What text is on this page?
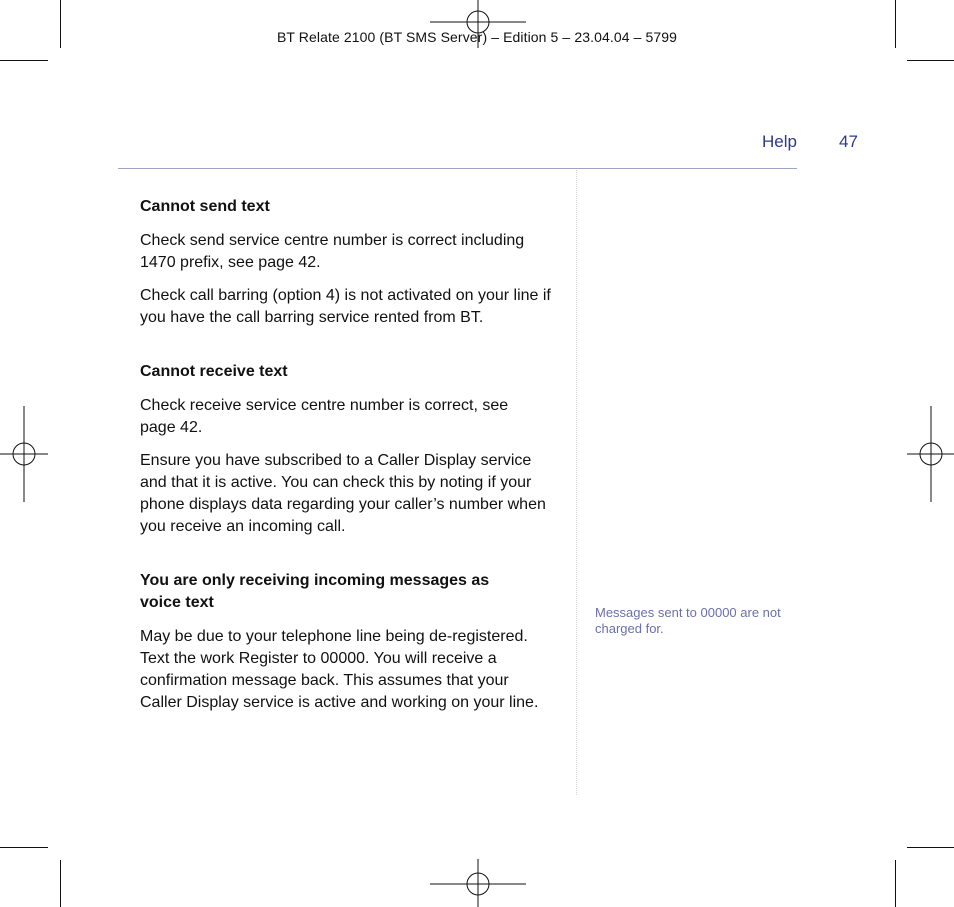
BT Relate 2100 (BT SMS Server) – Edition 5 – 23.04.04 – 5799
Help 47
Cannot send text

Check send service centre number is correct including 1470 prefix, see page 42.

Check call barring (option 4) is not activated on your line if you have the call barring service rented from BT.

Cannot receive text

Check receive service centre number is correct, see page 42.

Ensure you have subscribed to a Caller Display service and that it is active. You can check this by noting if your phone displays data regarding your caller’s number when you receive an incoming call.

You are only receiving incoming messages as voice text

May be due to your telephone line being de-registered. Text the work Register to 00000. You will receive a confirmation message back. This assumes that your Caller Display service is active and working on your line.

Messages sent to 00000 are not charged for.
